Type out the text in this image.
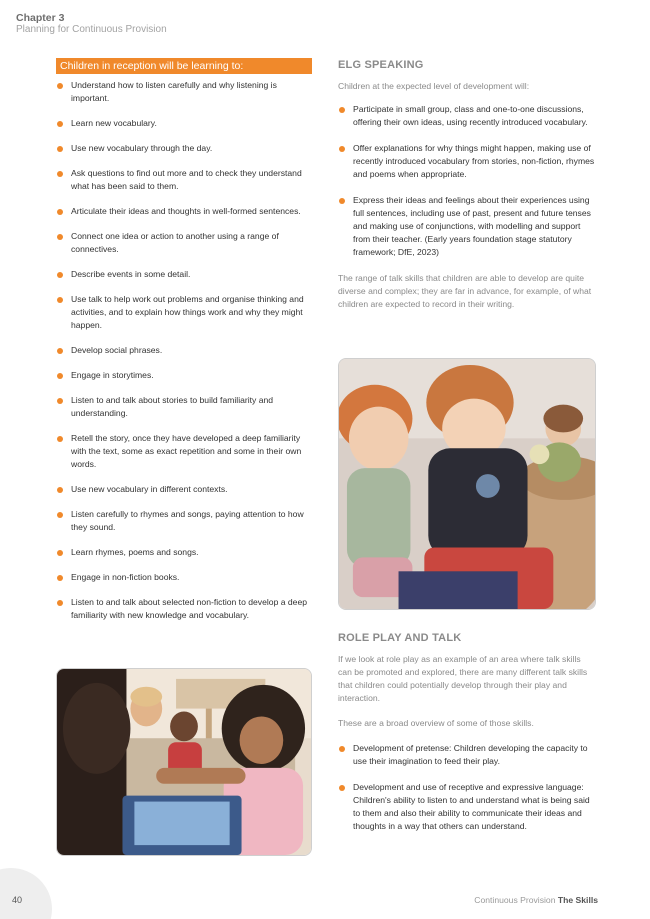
Chapter 3
Planning for Continuous Provision
Children in reception will be learning to:
Understand how to listen carefully and why listening is important.
Learn new vocabulary.
Use new vocabulary through the day.
Ask questions to find out more and to check they understand what has been said to them.
Articulate their ideas and thoughts in well-formed sentences.
Connect one idea or action to another using a range of connectives.
Describe events in some detail.
Use talk to help work out problems and organise thinking and activities, and to explain how things work and why they might happen.
Develop social phrases.
Engage in storytimes.
Listen to and talk about stories to build familiarity and understanding.
Retell the story, once they have developed a deep familiarity with the text, some as exact repetition and some in their own words.
Use new vocabulary in different contexts.
Listen carefully to rhymes and songs, paying attention to how they sound.
Learn rhymes, poems and songs.
Engage in non-fiction books.
Listen to and talk about selected non-fiction to develop a deep familiarity with new knowledge and vocabulary.
ELG SPEAKING

Children at the expected level of development will:

Participate in small group, class and one-to-one discussions, offering their own ideas, using recently introduced vocabulary.
Offer explanations for why things might happen, making use of recently introduced vocabulary from stories, non-fiction, rhymes and poems when appropriate.
Express their ideas and feelings about their experiences using full sentences, including use of past, present and future tenses and making use of conjunctions, with modelling and support from their teacher. (Early years foundation stage statutory framework; DfE, 2023)

The range of talk skills that children are able to develop are quite diverse and complex; they are far in advance, for example, of what children are expected to record in their writing.

ROLE PLAY AND TALK

If we look at role play as an example of an area where talk skills can be promoted and explored, there are many different talk skills that children could potentially develop through their play and interaction.

These are a broad overview of some of those skills.

Development of pretense: Children developing the capacity to use their imagination to feed their play.
Development and use of receptive and expressive language: Children's ability to listen to and understand what is being said to them and also their ability to communicate their ideas and thoughts in a way that others can understand.
40	Continuous Provision The Skills
